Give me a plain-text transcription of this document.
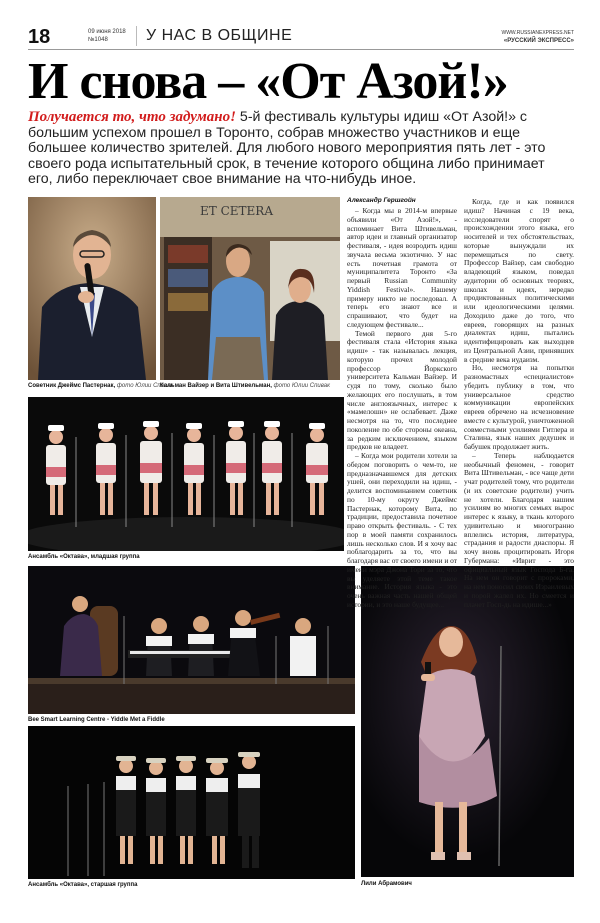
18	09 июня 2018
№1048	У НАС В ОБЩИНЕ	WWW.RUSSIANEXPRESS.NET
«РУССКИЙ ЭКСПРЕСС»
И снова – «От Азой!»
Получается то, что задумано! 5-й фестиваль культуры идиш «От Азой!» с большим успехом прошел в Торонто, собрав множество участников и еще большее количество зрителей. Для любого нового мероприятия пять лет - это своего рода испытательный срок, в течение которого община либо принимает его, либо переключает свое внимание на что-нибудь иное.
Советник Джеймс Пастернак, фото Юлии Спивак
ET CETERA
Кальман Вайзер и Вита Штивельман, фото Юлии Спивак
Ансамбль «Октава», младшая группа
Bee Smart Learning Centre - Yiddle Met a Fiddle
Лили Абрамович
Ансамбль «Октава», старшая группа
Александр Гершгойн

– Когда мы в 2014-м впервые объявили «От Азой!», - вспоминает Вита Штивельман, автор идеи и главный организатор фестиваля, - идея возродить идиш звучала весьма экзотично. У нас есть почетная грамота от муниципалитета Торонто «За первый Russian Community Yiddish Festival». Нашему примеру никто не последовал. А теперь его знают все и спрашивают, что будет на следующем фестивале...

Темой первого дня 5-го фестиваля стала «История языка идиш» - так называлась лекция, которую прочел молодой профессор Йоркского университета Кальман Вайзер. И судя по тому, сколько было желающих его послушать, в том числе англоязычных, интерес к «мамелошн» не ослабевает. Даже несмотря на то, что последнее поколение по обе стороны океана, за редким исключением, языком предков не владеет.

– Когда мои родители хотели за обедом поговорить о чем-то, не предназначавшемся для детских ушей, они переходили на идиш, - делится воспоминанием советник по 10-му округу Джеймс Пастернак, которому Вита, по традиции, предоставила почетное право открыть фестиваль. - С тех пор в моей памяти сохранилось лишь несколько слов. И я хочу вас поблагодарить за то, что вы благодаря вас от своего имени и от имени мэра Джона Тори за то, что вы уделяете этой теме такое внимание. История языка - это очень важная часть нашей общей истории, и это наше будущее...

Когда, где и как появился идиш? Начиная с 19 века, исследователи спорят о происхождении этого языка, его носителей и тех обстоятельствах, которые вынуждали их перемещаться по свету. Профессор Вайзер, сам свободно владеющий языком, поведал аудитории об основных теориях, школах и идеях, нередко продиктованных политическими или идеологическими целями. Доходило даже до того, что евреев, говорящих на разных диалектах идиш, пытались идентифицировать как выходцев из Центральной Азии, принявших в средние века иудаизм.

Но, несмотря на попытки разномастных «специалистов» убедить публику в том, что универсальное средство коммуникации европейских евреев обречено на исчезновение вместе с культурой, уничтоженной совместными усилиями Гитлера и Сталина, язык наших дедушек и бабушек продолжает жить.

– Теперь наблюдается необычный феномен, - говорит Вита Штивельман, - все чаще дети учат родителей тому, что родители (и их советские родители) учить не хотели. Благодаря нашим усилиям во многих семьях вырос интерес к языку, в ткань которого удивительно и многогранно вплелись история, литература, страдания и радости диаспоры. Я хочу вновь процитировать Игоря Губермана: «Иврит - это официальный язык Господа Б-га. На нем он говорит с пророками, на нем поносил своих Израилевых и порой жалел их. Но смеется и плачет Госп-дь на идише...»
